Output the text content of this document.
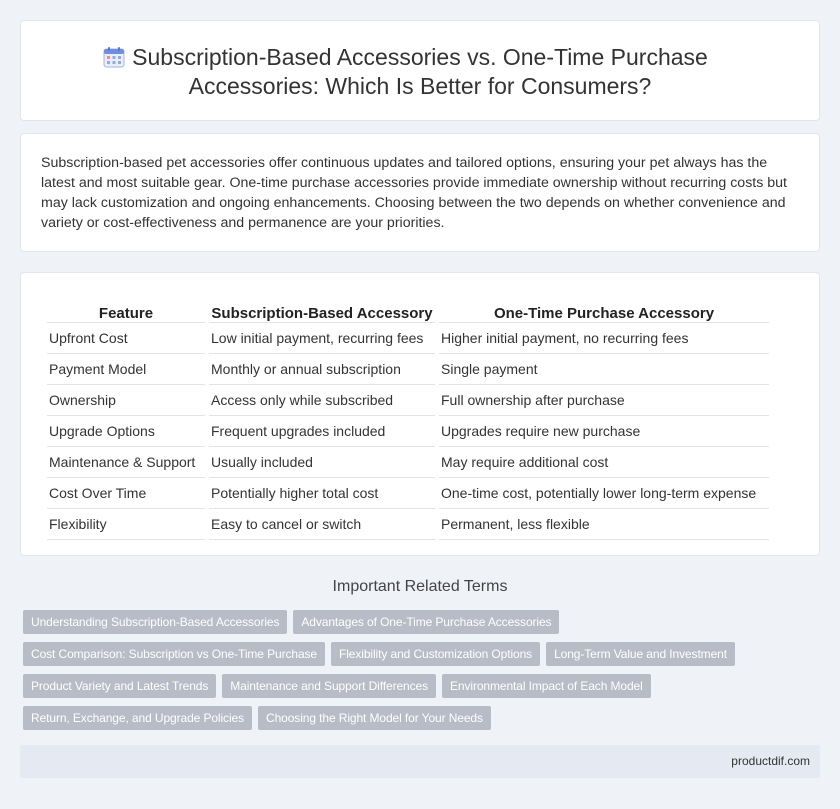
Subscription-Based Accessories vs. One-Time Purchase Accessories: Which Is Better for Consumers?

Subscription-based pet accessories offer continuous updates and tailored options, ensuring your pet always has the latest and most suitable gear. One-time purchase accessories provide immediate ownership without recurring costs but may lack customization and ongoing enhancements. Choosing between the two depends on whether convenience and variety or cost-effectiveness and permanence are your priorities.

Feature	Subscription-Based Accessory	One-Time Purchase Accessory
Upfront Cost	Low initial payment, recurring fees	Higher initial payment, no recurring fees
Payment Model	Monthly or annual subscription	Single payment
Ownership	Access only while subscribed	Full ownership after purchase
Upgrade Options	Frequent upgrades included	Upgrades require new purchase
Maintenance & Support	Usually included	May require additional cost
Cost Over Time	Potentially higher total cost	One-time cost, potentially lower long-term expense
Flexibility	Easy to cancel or switch	Permanent, less flexible
Important Related Terms
Understanding Subscription-Based Accessories	Advantages of One-Time Purchase Accessories
Cost Comparison: Subscription vs One-Time Purchase	Flexibility and Customization Options	Long-Term Value and Investment
Product Variety and Latest Trends	Maintenance and Support Differences	Environmental Impact of Each Model
Return, Exchange, and Upgrade Policies	Choosing the Right Model for Your Needs
productdif.com
